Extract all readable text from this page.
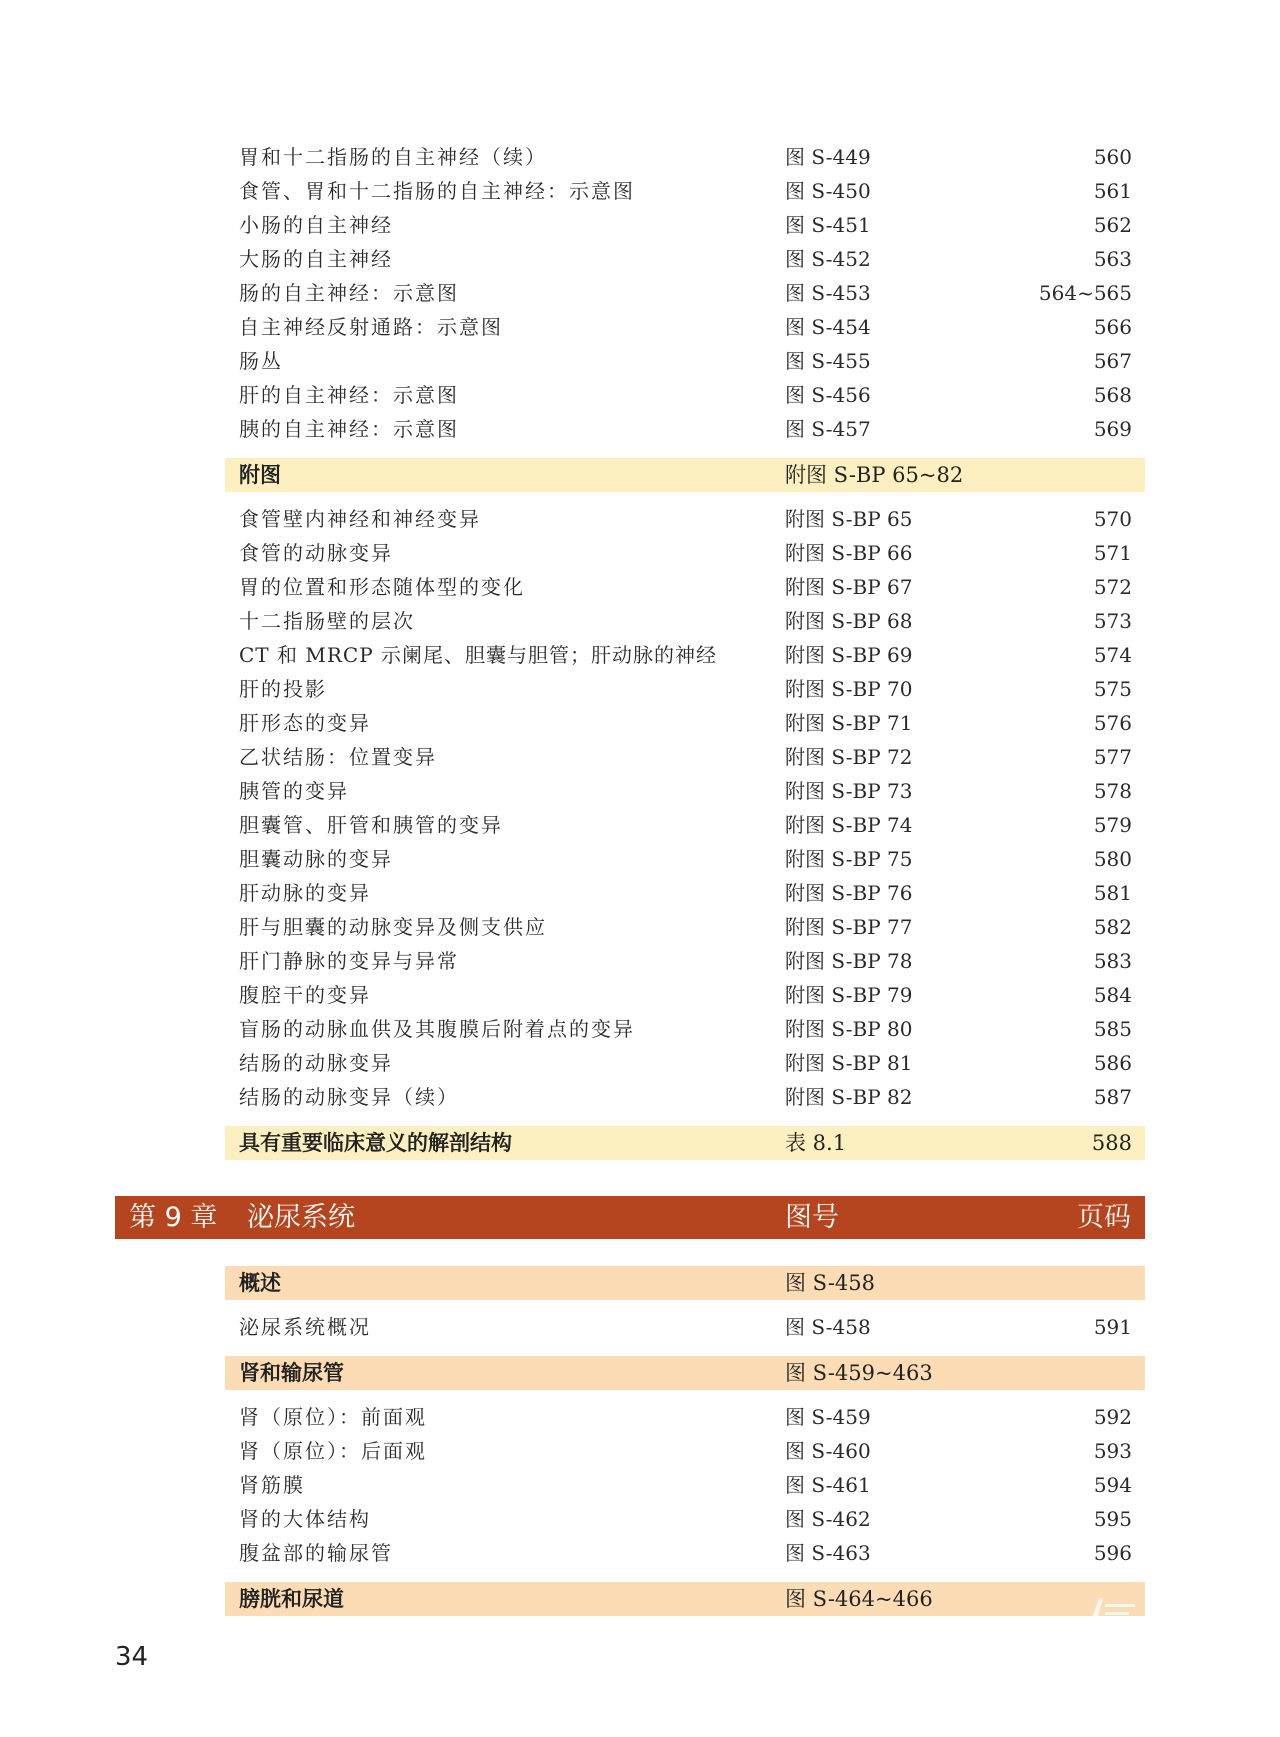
胃和十二指肠的自主神经（续）	图 S-449	560
食管、胃和十二指肠的自主神经：示意图	图 S-450	561
小肠的自主神经	图 S-451	562
大肠的自主神经	图 S-452	563
肠的自主神经：示意图	图 S-453	564~565
自主神经反射通路：示意图	图 S-454	566
肠丛	图 S-455	567
肝的自主神经：示意图	图 S-456	568
胰的自主神经：示意图	图 S-457	569
附图	附图 S-BP 65~82
食管壁内神经和神经变异	附图 S-BP 65	570
食管的动脉变异	附图 S-BP 66	571
胃的位置和形态随体型的变化	附图 S-BP 67	572
十二指肠壁的层次	附图 S-BP 68	573
CT 和 MRCP 示阑尾、胆囊与胆管；肝动脉的神经	附图 S-BP 69	574
肝的投影	附图 S-BP 70	575
肝形态的变异	附图 S-BP 71	576
乙状结肠：位置变异	附图 S-BP 72	577
胰管的变异	附图 S-BP 73	578
胆囊管、肝管和胰管的变异	附图 S-BP 74	579
胆囊动脉的变异	附图 S-BP 75	580
肝动脉的变异	附图 S-BP 76	581
肝与胆囊的动脉变异及侧支供应	附图 S-BP 77	582
肝门静脉的变异与异常	附图 S-BP 78	583
腹腔干的变异	附图 S-BP 79	584
盲肠的动脉血供及其腹膜后附着点的变异	附图 S-BP 80	585
结肠的动脉变异	附图 S-BP 81	586
结肠的动脉变异（续）	附图 S-BP 82	587
具有重要临床意义的解剖结构	表 8.1	588
第 9 章 泌尿系统	图号	页码
概述	图 S-458
泌尿系统概况	图 S-458	591
肾和输尿管	图 S-459~463
肾（原位）：前面观	图 S-459	592
肾（原位）：后面观	图 S-460	593
肾筋膜	图 S-461	594
肾的大体结构	图 S-462	595
腹盆部的输尿管	图 S-463	596
膀胱和尿道	图 S-464~466
34
